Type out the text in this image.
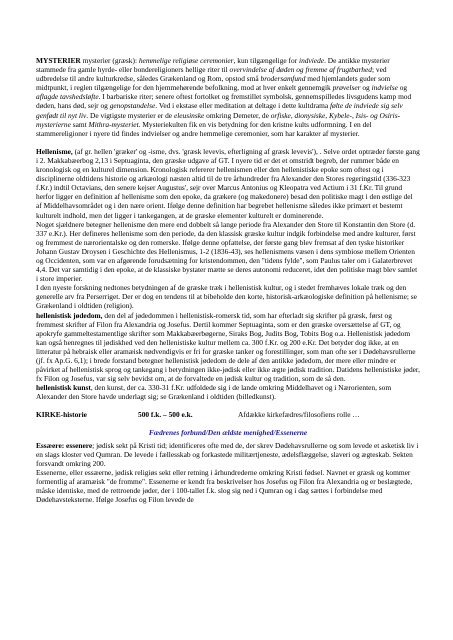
MYSTERIER mysterier (græsk): hemmelige religiøse ceremonier, kun tilgængelige for indviede. De antikke mysterier stammede fra gamle hyrde- eller bondereligioners hellige riter til overvindelse af døden og fremme af frugtbarhed; ved udbredelse til andre kulturkredse, således Grækenland og Rom, opstod små brodersamfund med hjemlandets guder som midtpunkt, i reglen tilgængelige for den hjemmehørende befolkning, mod at hver enkelt gennemgik prøvelser og indvielse og aflagde tavshedsløfte. I barbariske riter; senere oftest fortolket og fremstillet symbolsk, gennemspilledes livsgudens kamp mod døden, hans død, sejr og genopstandelse. Ved i ekstase eller meditation at deltage i dette kultdrama følte de indviede sig selv genfødt til nyt liv. De vigtigste mysterier er de eleusinske omkring Demeter, de orfiske, dionysiske, Kybele-, Isis- og Osiris-mysterierne samt Mithra-mysteriet. Mysteriekulten fik en vis betydning for den kristne kults udformning. I en del stammereligioner i nyere tid findes indvielser og andre hemmelige ceremonier, som har karakter af mysterier.

Hellenisme, (af gr. hellen 'græker' og -isme, dvs. 'græsk levevis, efterligning af græsk levevis'), . Selve ordet optræder første gang i 2. Makkabæerbog 2,13 i Septuaginta, den græske udgave af GT. I nyere tid er det et omstridt begreb, der rummer både en kronologisk og en kulturel dimension. Kronologisk refererer hellenismen eller den hellenistiske epoke som oftest og i disciplinerne oldtidens historie og arkæologi næsten altid til de tre århundreder fra Alexander den Stores regeringstid (336-323 f.Kr.) indtil Octavians, den senere kejser Augustus', sejr over Marcus Antonius og Kleopatra ved Actium i 31 f.Kr. Til grund herfor ligger en definition af hellenisme som den epoke, da grækere (og makedonere) besad den politiske magt i den østlige del af Middelhavsområdet og i den nære orient. Ifølge denne definition har begrebet hellenisme således ikke primært et bestemt kulturelt indhold, men det ligger i tankegangen, at de græske elementer kulturelt er dominerende.

Noget sjældnere betegner hellenisme den mere end dobbelt så lange periode fra Alexander den Store til Konstantin den Store (d. 337 e.Kr.). Her defineres hellenisme som den periode, da den klassisk græske kultur indgik forbindelse med andre kulturer, først og fremmest de nærorientalske og den romerske. Ifølge denne opfattelse, der første gang blev fremsat af den tyske historiker Johann Gustav Droysen i Geschichte des Hellenismus, 1-2 (1836-43), ses hellenismens væsen i dens symbiose mellem Orienten og Occidenten, som var en afgørende forudsætning for kristendommen, den "tidens fylde", som Paulus taler om i Galaterbrevet 4,4. Det var samtidig i den epoke, at de klassiske bystater mætte se deres autonomi reduceret, idet den politiske magt blev samlet i store imperier.

I den nyeste forskning nedtones betydningen af de græske træk i hellenistisk kultur, og i stedet fremhæves lokale træk og den generelle arv fra Perserriget. Der er dog en tendens til at bibeholde den korte, historisk-arkæologiske definition på hellenisme; se Grækenland i oldtiden (religion).

hellenistisk jødedom, den del af jødedommen i hellenistisk-romersk tid, som har efterladt sig skrifter på græsk, først og fremmest skrifter af Filon fra Alexandria og Josefus. Dertil kommer Septuaginta, som er den græske oversættelse af GT, og apokryfe gammeltestamentlige skrifter som Makkabæerbøgerne, Siraks Bog, Judits Bog, Tobits Bog o.a. Hellenistisk jødedom kan også henregnes til jødiskhed ved den hellenistiske kultur mellem ca. 300 f.Kr. og 200 e.Kr. Det betyder dog ikke, at en litteratur på hebraisk eller aramæisk nødvendigvis er fri for græske tanker og forestillinger, som man ofte ser i Dødehavsrullerne (jf. fx Ap.G. 6,1); i brede forstand betegner hellenistisk jødedom de dele af den antikke jødedom, der mere eller mindre er påvirket af hellenistisk sprog og tankegang i betydningen ikke-jødisk eller ikke ægte jødisk tradition. Datidens hellenistiske jøder, fx Filon og Josefus, var sig selv bevidst om, at de forvaltede en jødisk kultur og tradition, som de så den.

hellenistisk kunst, den kunst, der ca. 330-31 f.Kr. udfoldede sig i de lande omkring Middelhavet og i Nærorienten, som Alexander den Store havde underlagt sig; se Grækenland i oldtiden (billedkunst).

KIRKE-historie	500 f.k. – 500 e.k.	Afdække kirkefædres/filosofiens rolle …

Fædrenes forbund/Den ældste menighed/Essenerne

Essæere: essenere; jødisk sekt på Kristi tid; identificeres ofte med de, der skrev Dødehavsrullerne og som levede et asketisk liv i en slags kloster ved Qumran. De levede i fællesskab og forkastede militærtjeneste, ædelsflæggelse, slaveri og ægteskab. Sekten forsvandt omkring 200.

Essenerne, eller essæerne, jødisk religiøs sekt eller retning i århundrederne omkring Kristi fødsel. Navnet er græsk og kommer formentlig af aramæisk "de fromme". Essenerne er kendt fra beskrivelser hos Josefus og Filon fra Alexandria og er beslægtede, måske identiske, med de rettroende jøder, der i 100-tallet f.k. slog sig ned i Qumran og i dag sættes i forbindelse med Dødehavsteksterne. Ifølge Josefus og Filon levede de
